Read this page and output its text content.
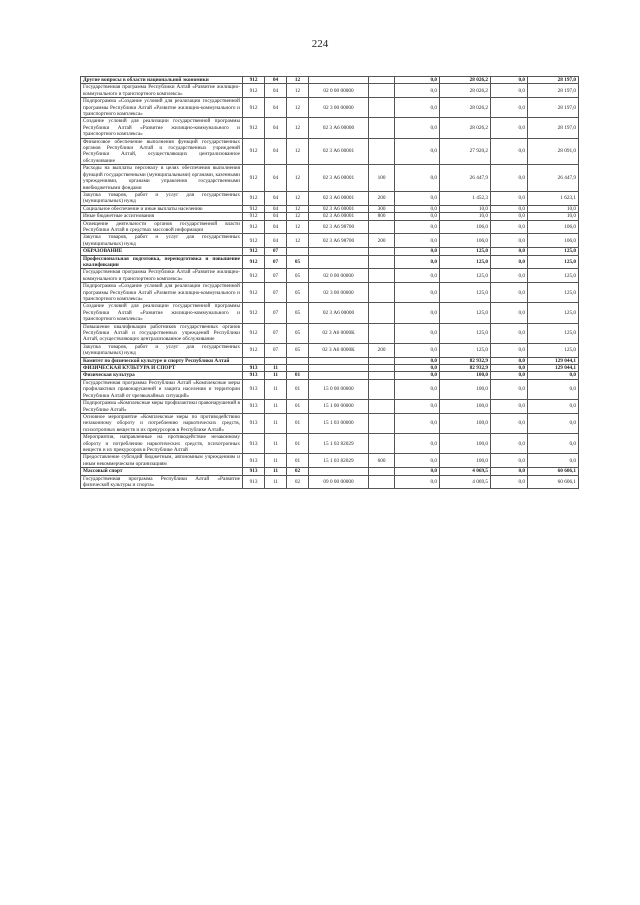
224
Другие вопросы в области национальной экономики	912	04	12			0,0	28 026,2	0,0	28 197,0
Государственная программа Республики Алтай «Развитие жилищно-коммунального и транспортного комплекса»	912	04	12	02 0 00 00000		0,0	28 026,2	0,0	28 197,0
Подпрограмма «Создание условий для реализации государственной программы Республики Алтай «Развитие жилищно-коммунального и транспортного комплекса»	912	04	12	02 3 00 00000		0,0	28 026,2	0,0	28 197,0
Создание условий для реализации государственной программы Республики Алтай «Развитие жилищно-коммунального и транспортного комплекса»	912	04	12	02 3 А6 00000		0,0	28 026,2	0,0	28 197,0
Финансовое обеспечение выполнения функций государственных органов Республики Алтай и государственных учреждений Республики Алтай, осуществляющих централизованное обслуживание	912	04	12	02 3 А6 00001		0,0	27 920,2	0,0	28 091,0
Расходы на выплаты персоналу в целях обеспечения выполнения функций государственными (муниципальными) органами, казенными учреждениями, органами управления государственными внебюджетными фондами	912	04	12	02 3 А6 00001	100	0,0	26 447,9	0,0	26 447,9
Закупка товаров, работ и услуг для государственных (муниципальных) нужд	912	04	12	02 3 А6 00001	200	0,0	1 452,3	0,0	1 623,1
Социальное обеспечение и иные выплаты населению	912	04	12	02 3 А6 00001	300	0,0	10,0	0,0	10,0
Иные бюджетные ассигнования	912	04	12	02 3 А6 00001	800	0,0	10,0	0,0	10,0
Освещение деятельности органов государственной власти Республики Алтай в средствах массовой информации	912	04	12	02 3 А6 98700		0,0	106,0	0,0	106,0
Закупка товаров, работ и услуг для государственных (муниципальных) нужд	912	04	12	02 3 А6 98700	200	0,0	106,0	0,0	106,0
ОБРАЗОВАНИЕ	912	07				0,0	125,0	0,0	125,0
Профессиональная подготовка, переподготовка и повышение квалификации	912	07	05			0,0	125,0	0,0	125,0
Государственная программа Республики Алтай «Развитие жилищно-коммунального и транспортного комплекса»	912	07	05	02 0 00 00000		0,0	125,0	0,0	125,0
Подпрограмма «Создание условий для реализации государственной программы Республики Алтай «Развитие жилищно-коммунального и транспортного комплекса»	912	07	05	02 3 00 00000		0,0	125,0	0,0	125,0
Создание условий для реализации государственной программы Республики Алтай «Развитие жилищно-коммунального и транспортного комплекса»	912	07	05	02 3 А6 00000		0,0	125,0	0,0	125,0
Повышение квалификации работников государственных органов Республики Алтай и государственных учреждений Республики Алтай, осуществляющих централизованное обслуживание	912	07	05	02 3 А6 0000К		0,0	125,0	0,0	125,0
Закупка товаров, работ и услуг для государственных (муниципальных) нужд	912	07	05	02 3 А6 0000К	200	0,0	125,0	0,0	125,0
Комитет по физической культуре и спорту Республики Алтай						0,0	82 932,9	0,0	129 044,1
ФИЗИЧЕСКАЯ КУЛЬТУРА И СПОРТ	913	11				0,0	82 932,9	0,0	129 044,1
Физическая культура	913	11	01			0,0	100,0	0,0	0,0
Государственная программа Республики Алтай «Комплексные меры профилактики правонарушений и защита населения и территории Республики Алтай от чрезвычайных ситуаций»	913	11	01	15 0 00 00000		0,0	100,0	0,0	0,0
Подпрограмма «Комплексные меры профилактики правонарушений в Республике Алтай»	913	11	01	15 1 00 00000		0,0	100,0	0,0	0,0
Основное мероприятие «Комплексные меры по противодействию незаконному обороту и потреблению наркотических средств, психотропных веществ и их прекурсоров в Республике Алтай»	913	11	01	15 1 03 00000		0,0	100,0	0,0	0,0
Мероприятия, направленные на противодействие незаконному обороту и потреблению наркотических средств, психотропных веществ и их прекурсоров в Республике Алтай	913	11	01	15 1 03 82029		0,0	100,0	0,0	0,0
Предоставление субсидий бюджетным, автономным учреждениям и иным некоммерческим организациям	913	11	01	15 1 03 82029	600	0,0	100,0	0,0	0,0
Массовый спорт	913	11	02			0,0	4 069,5	0,0	60 606,1
Государственная программа Республики Алтай «Развитие физической культуры и спорта»	913	11	02	09 0 00 00000		0,0	4 069,5	0,0	60 606,1
